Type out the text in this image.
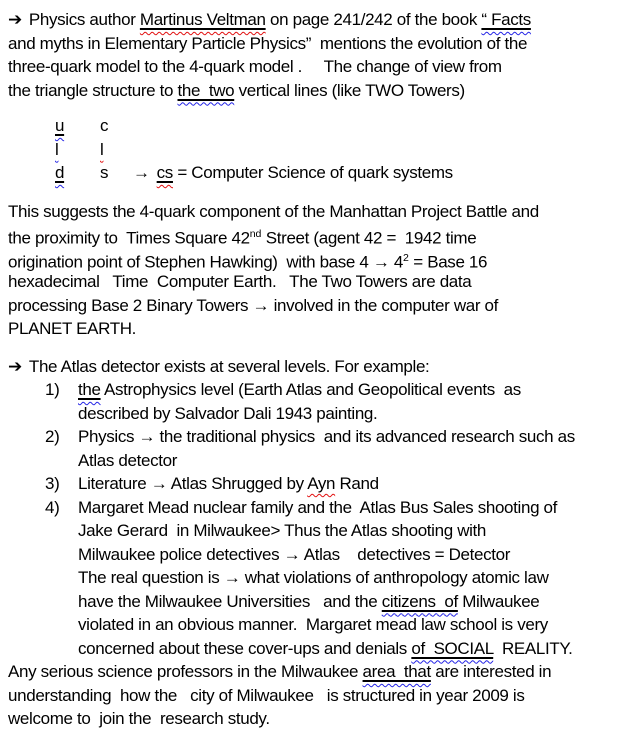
➔ Physics author Martinus Veltman on page 241/242 of the book “ Facts
and myths in Elementary Particle Physics”  mentions the evolution of the
three-quark model to the 4-quark model .     The change of view from
the triangle structure to the  two vertical lines (like TWO Towers)
u c
l l
d s → cs = Computer Science of quark systems
This suggests the 4-quark component of the Manhattan Project Battle and
the proximity to  Times Square 42nd Street (agent 42 =  1942 time
origination point of Stephen Hawking)  with base $4 \to 4^2$ = Base 16
hexadecimal   Time  Computer Earth.   The Two Towers are data
processing Base 2 Binary Towers → involved in the computer war of
PLANET EARTH.
➔ The Atlas detector exists at several levels. For example:
1) the Astrophysics level (Earth Atlas and Geopolitical events  as
described by Salvador Dali 1943 painting.
2) Physics → the traditional physics  and its advanced research such as
Atlas detector
3) Literature → Atlas Shrugged by Ayn Rand
4) Margaret Mead nuclear family and the  Atlas Bus Sales shooting of
Jake Gerard  in Milwaukee> Thus the Atlas shooting with
Milwaukee police detectives → Atlas    detectives = Detector
The real question is → what violations of anthropology atomic law
have the Milwaukee Universities   and the citizens  of Milwaukee
violated in an obvious manner.  Margaret mead law school is very
concerned about these cover-ups and denials of  SOCIAL  REALITY.
Any serious science professors in the Milwaukee area  that are interested in
understanding  how the   city of Milwaukee   is structured in year 2009 is
welcome to  join the  research study.
